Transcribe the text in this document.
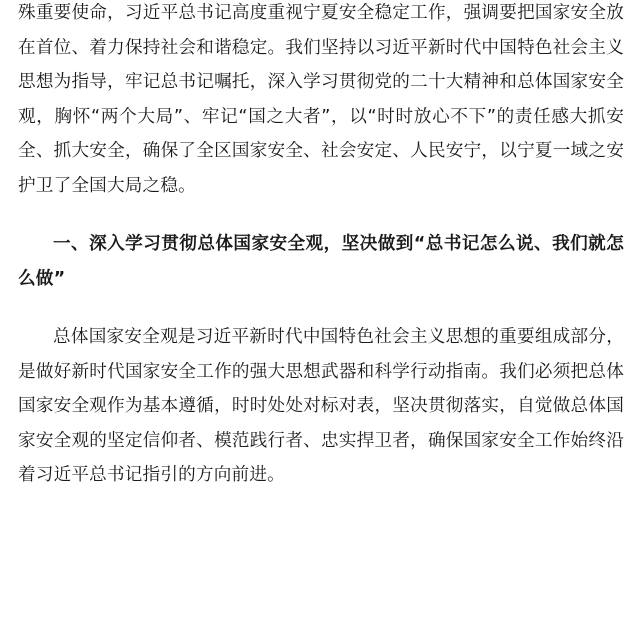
殊重要使命，习近平总书记高度重视宁夏安全稳定工作，强调要把国家安全放在首位、着力保持社会和谐稳定。我们坚持以习近平新时代中国特色社会主义思想为指导，牢记总书记嘱托，深入学习贯彻党的二十大精神和总体国家安全观，胸怀“两个大局”、牢记“国之大者”，以“时时放心不下”的责任感大抓安全、抓大安全，确保了全区国家安全、社会安定、人民安宁，以宁夏一域之安护卫了全国大局之稳。

一、深入学习贯彻总体国家安全观，坚决做到“总书记怎么说、我们就怎么做”

总体国家安全观是习近平新时代中国特色社会主义思想的重要组成部分，是做好新时代国家安全工作的强大思想武器和科学行动指南。我们必须把总体国家安全观作为基本遵循，时时处处对标对表，坚决贯彻落实，自觉做总体国家安全观的坚定信仰者、模范践行者、忠实捍卫者，确保国家安全工作始终沿着习近平总书记指引的方向前进。
